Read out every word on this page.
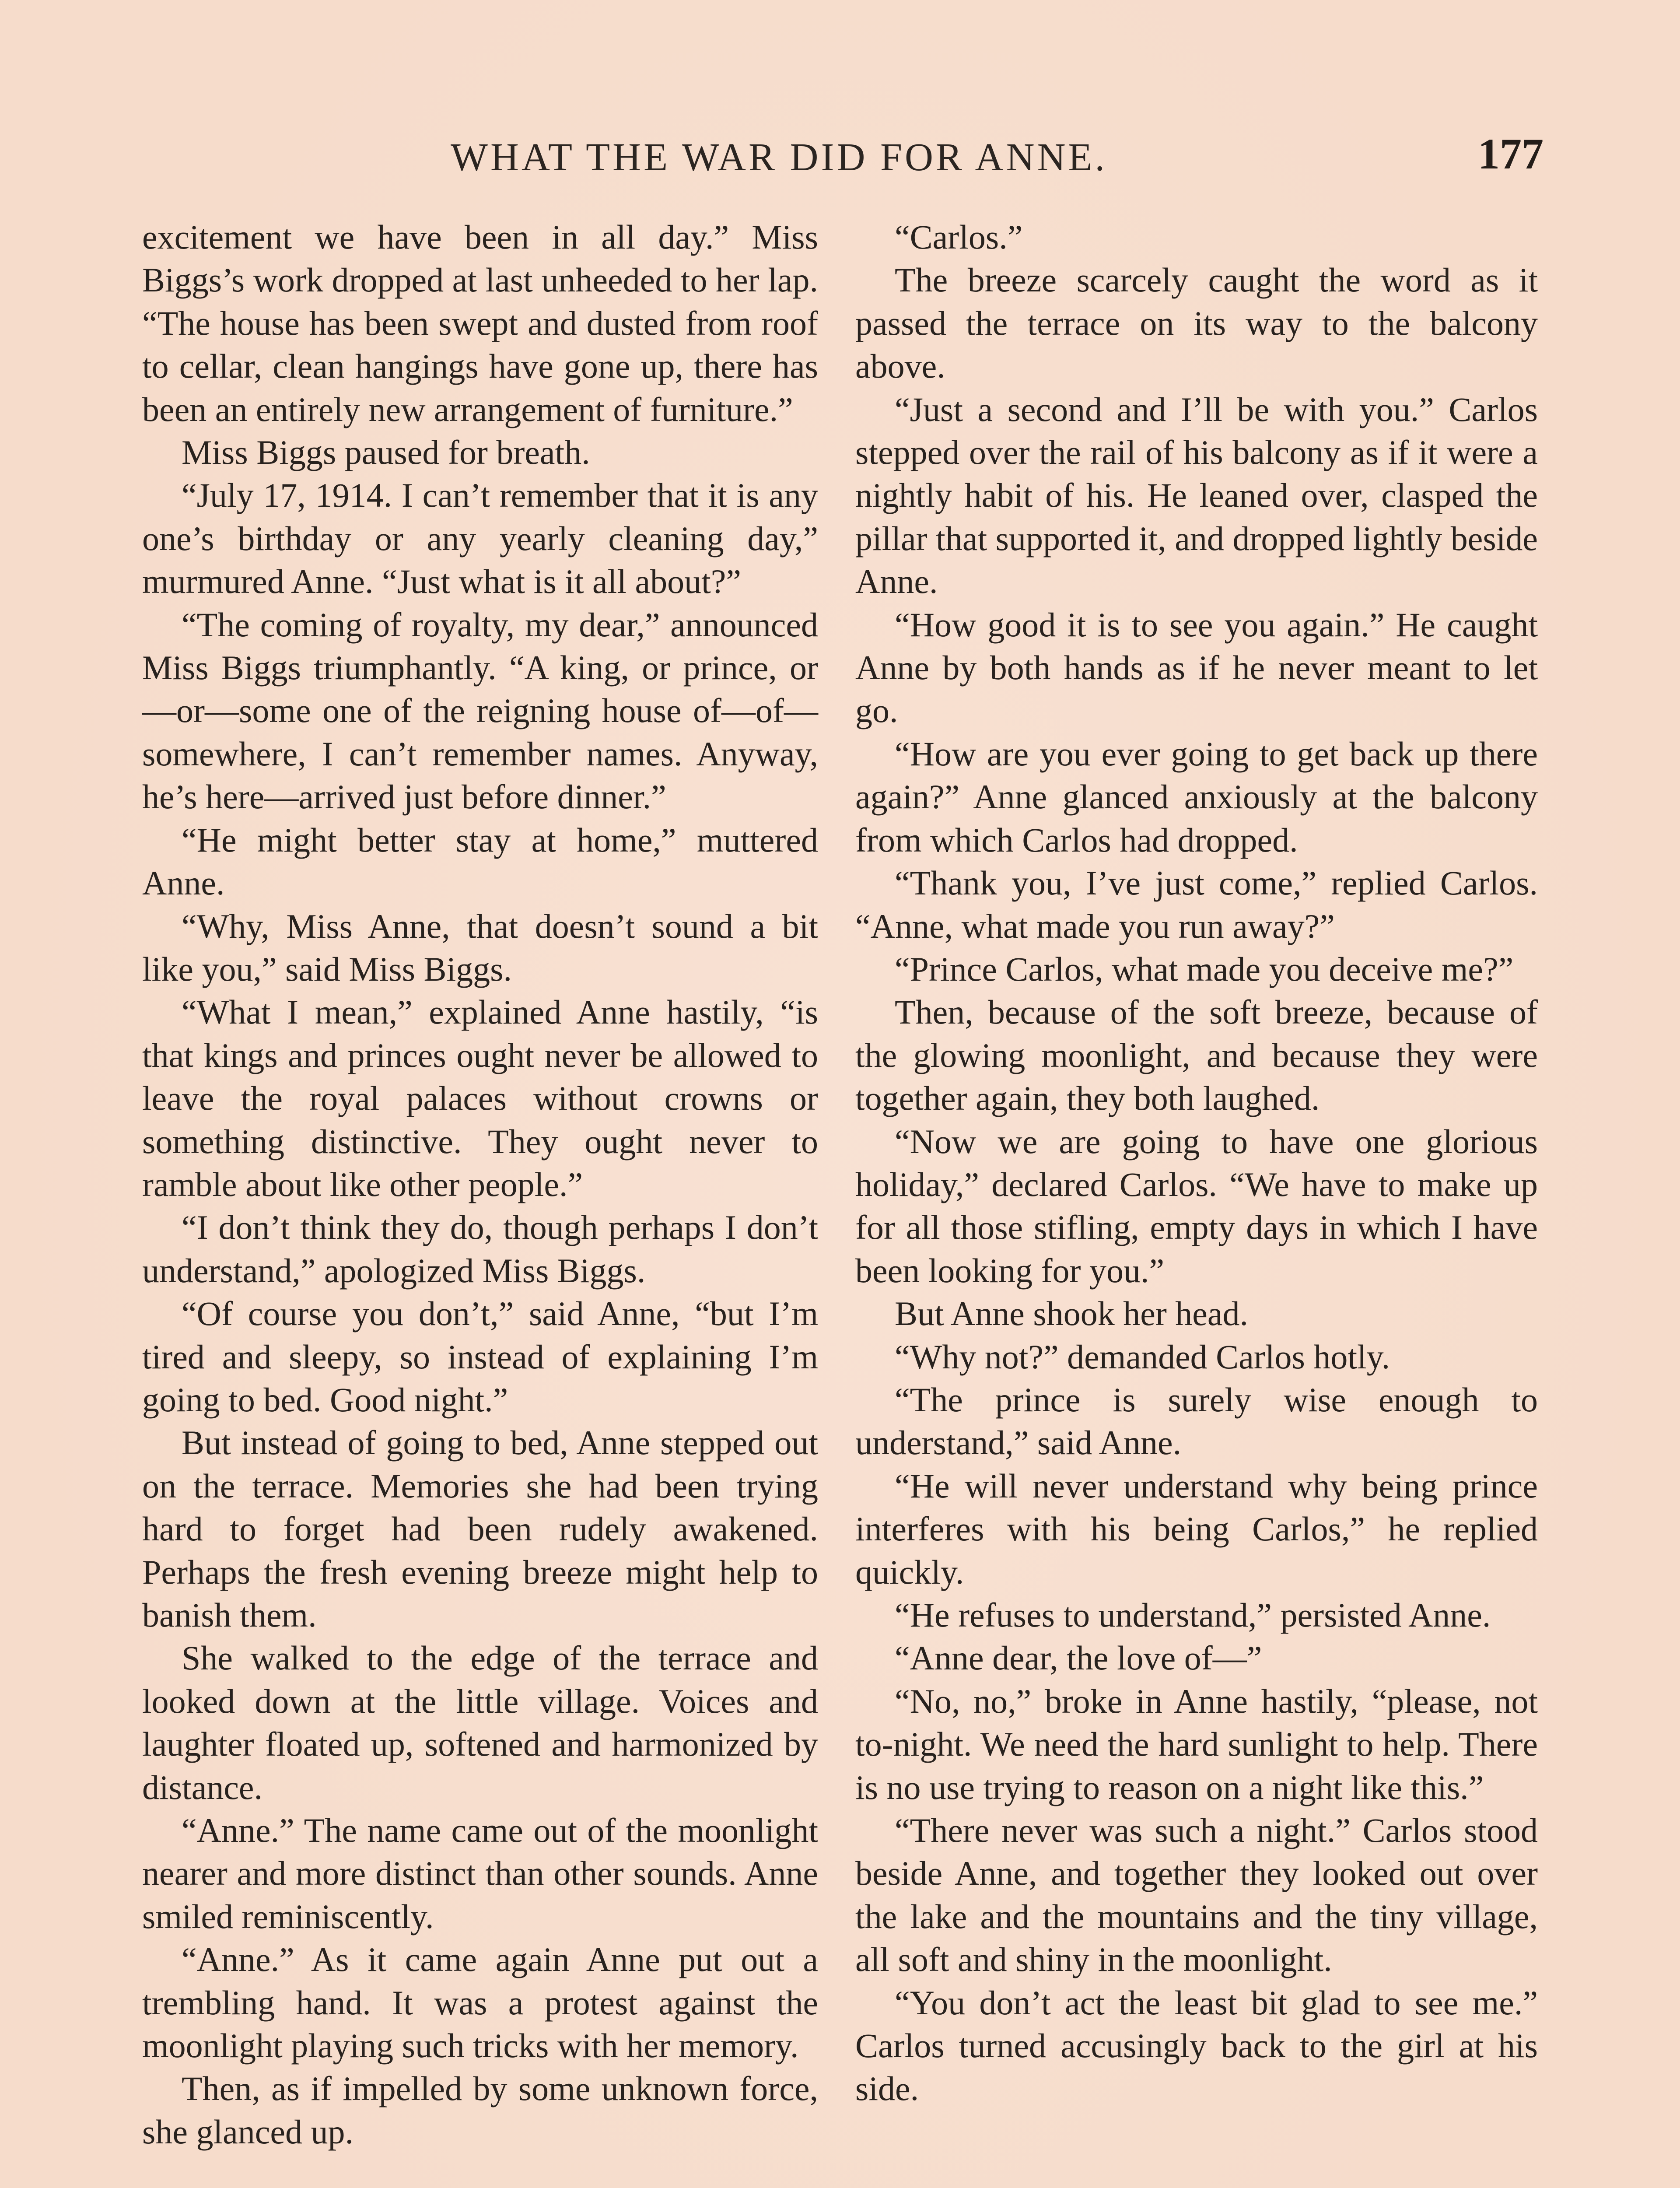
WHAT THE WAR DID FOR ANNE.	177

excitement we have been in all day.” Miss Biggs’s work dropped at last unheeded to her lap. “The house has been swept and dusted from roof to cellar, clean hangings have gone up, there has been an entirely new arrangement of furniture.”

Miss Biggs paused for breath.

“July 17, 1914. I can’t remember that it is any one’s birthday or any yearly cleaning day,” murmured Anne. “Just what is it all about?”

“The coming of royalty, my dear,” announced Miss Biggs triumphantly. “A king, or prince, or—or—some one of the reigning house of—of—somewhere, I can’t remember names. Anyway, he’s here—arrived just before dinner.”

“He might better stay at home,” muttered Anne.

“Why, Miss Anne, that doesn’t sound a bit like you,” said Miss Biggs.

“What I mean,” explained Anne hastily, “is that kings and princes ought never be allowed to leave the royal palaces without crowns or something distinctive. They ought never to ramble about like other people.”

“I don’t think they do, though perhaps I don’t understand,” apologized Miss Biggs.

“Of course you don’t,” said Anne, “but I’m tired and sleepy, so instead of explaining I’m going to bed. Good night.”

But instead of going to bed, Anne stepped out on the terrace. Memories she had been trying hard to forget had been rudely awakened. Perhaps the fresh evening breeze might help to banish them.

She walked to the edge of the terrace and looked down at the little village. Voices and laughter floated up, softened and harmonized by distance.

“Anne.” The name came out of the moonlight nearer and more distinct than other sounds. Anne smiled reminiscently.

“Anne.” As it came again Anne put out a trembling hand. It was a protest against the moonlight playing such tricks with her memory.

Then, as if impelled by some unknown force, she glanced up.

“Carlos.”

The breeze scarcely caught the word as it passed the terrace on its way to the balcony above.

“Just a second and I’ll be with you.” Carlos stepped over the rail of his balcony as if it were a nightly habit of his. He leaned over, clasped the pillar that supported it, and dropped lightly beside Anne.

“How good it is to see you again.” He caught Anne by both hands as if he never meant to let go.

“How are you ever going to get back up there again?” Anne glanced anxiously at the balcony from which Carlos had dropped.

“Thank you, I’ve just come,” replied Carlos. “Anne, what made you run away?”

“Prince Carlos, what made you deceive me?”

Then, because of the soft breeze, because of the glowing moonlight, and because they were together again, they both laughed.

“Now we are going to have one glorious holiday,” declared Carlos. “We have to make up for all those stifling, empty days in which I have been looking for you.”

But Anne shook her head.

“Why not?” demanded Carlos hotly.

“The prince is surely wise enough to understand,” said Anne.

“He will never understand why being prince interferes with his being Carlos,” he replied quickly.

“He refuses to understand,” persisted Anne.

“Anne dear, the love of—”

“No, no,” broke in Anne hastily, “please, not to-night. We need the hard sunlight to help. There is no use trying to reason on a night like this.”

“There never was such a night.” Carlos stood beside Anne, and together they looked out over the lake and the mountains and the tiny village, all soft and shiny in the moonlight.

“You don’t act the least bit glad to see me.” Carlos turned accusingly back to the girl at his side.
